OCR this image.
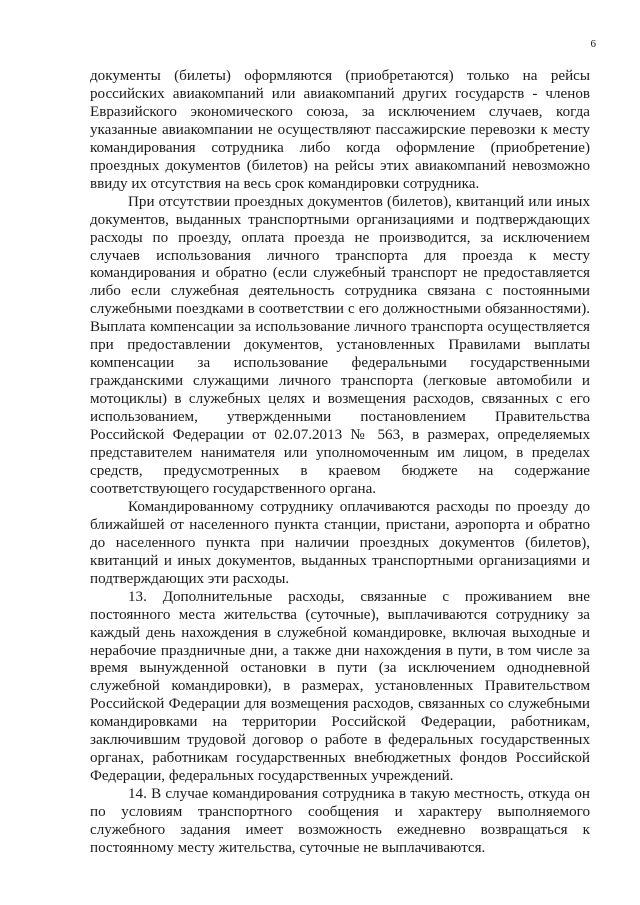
6

документы (билеты) оформляются (приобретаются) только на рейсы российских авиакомпаний или авиакомпаний других государств - членов Евразийского экономического союза, за исключением случаев, когда указанные авиакомпании не осуществляют пассажирские перевозки к месту командирования сотрудника либо когда оформление (приобретение) проездных документов (билетов) на рейсы этих авиакомпаний невозможно ввиду их отсутствия на весь срок командировки сотрудника.

При отсутствии проездных документов (билетов), квитанций или иных документов, выданных транспортными организациями и подтверждающих расходы по проезду, оплата проезда не производится, за исключением случаев использования личного транспорта для проезда к месту командирования и обратно (если служебный транспорт не предоставляется либо если служебная деятельность сотрудника связана с постоянными служебными поездками в соответствии с его должностными обязанностями). Выплата компенсации за использование личного транспорта осуществляется при предоставлении документов, установленных Правилами выплаты компенсации за использование федеральными государственными гражданскими служащими личного транспорта (легковые автомобили и мотоциклы) в служебных целях и возмещения расходов, связанных с его использованием, утвержденными постановлением Правительства Российской Федерации от 02.07.2013 № 563, в размерах, определяемых представителем нанимателя или уполномоченным им лицом, в пределах средств, предусмотренных в краевом бюджете на содержание соответствующего государственного органа.

Командированному сотруднику оплачиваются расходы по проезду до ближайшей от населенного пункта станции, пристани, аэропорта и обратно до населенного пункта при наличии проездных документов (билетов), квитанций и иных документов, выданных транспортными организациями и подтверждающих эти расходы.

13. Дополнительные расходы, связанные с проживанием вне постоянного места жительства (суточные), выплачиваются сотруднику за каждый день нахождения в служебной командировке, включая выходные и нерабочие праздничные дни, а также дни нахождения в пути, в том числе за время вынужденной остановки в пути (за исключением однодневной служебной командировки), в размерах, установленных Правительством Российской Федерации для возмещения расходов, связанных со служебными командировками на территории Российской Федерации, работникам, заключившим трудовой договор о работе в федеральных государственных органах, работникам государственных внебюджетных фондов Российской Федерации, федеральных государственных учреждений.

14. В случае командирования сотрудника в такую местность, откуда он по условиям транспортного сообщения и характеру выполняемого служебного задания имеет возможность ежедневно возвращаться к постоянному месту жительства, суточные не выплачиваются.
